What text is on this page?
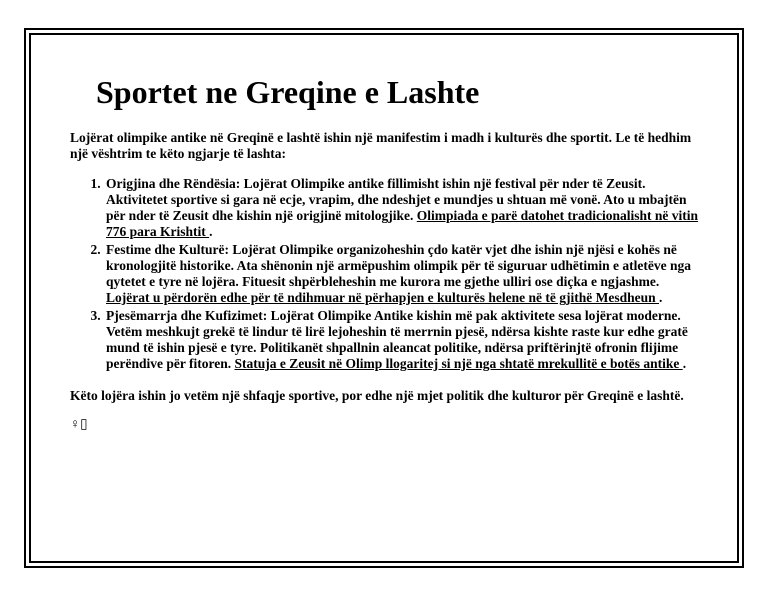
Sportet ne Greqine e Lashte

Lojërat olimpike antike në Greqinë e lashtë ishin një manifestim i madh i kulturës dhe sportit. Le të hedhim një vështrim te këto ngjarje të lashta:

1. Origjina dhe Rëndësia: Lojërat Olimpike antike fillimisht ishin një festival për nder të Zeusit. Aktivitetet sportive si gara në ecje, vrapim, dhe ndeshjet e mundjes u shtuan më vonë. Ato u mbajtën për nder të Zeusit dhe kishin një origjinë mitologjike. Olimpiada e parë datohet tradicionalisht në vitin 776 para Krishtit .
2. Festime dhe Kulturë: Lojërat Olimpike organizoheshin çdo katër vjet dhe ishin një njësi e kohës në kronologjitë historike. Ata shënonin një armëpushim olimpik për të siguruar udhëtimin e atletëve nga qytetet e tyre në lojëra. Fituesit shpërbleheshin me kurora me gjethe ulliri ose diçka e ngjashme. Lojërat u përdorën edhe për të ndihmuar në përhapjen e kulturës helene në të gjithë Mesdheun .
3. Pjesëmarrja dhe Kufizimet: Lojërat Olimpike Antike kishin më pak aktivitete sesa lojërat moderne. Vetëm meshkujt grekë të lindur të lirë lejoheshin të merrnin pjesë, ndërsa kishte raste kur edhe gratë mund të ishin pjesë e tyre. Politikanët shpallnin aleancat politike, ndërsa priftërinjtë ofronin flijime perëndive për fitoren. Statuja e Zeusit në Olimp llogaritej si një nga shtatë mrekullitë e botës antike .

Këto lojëra ishin jo vetëm një shfaqje sportive, por edhe një mjet politik dhe kulturor për Greqinë e lashtë. ♀▯
